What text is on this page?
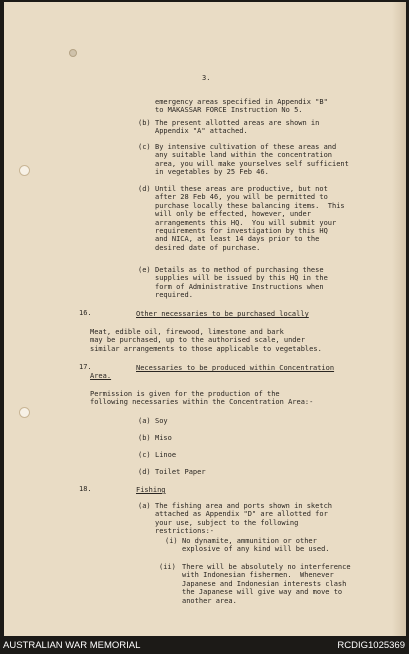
3.

emergency areas specified in Appendix "B"
to MAKASSAR FORCE Instruction No 5.

(b) The present allotted areas are shown in
Appendix "A" attached.

(c) By intensive cultivation of these areas and
any suitable land within the concentration
area, you will make yourselves self sufficient
in vegetables by 25 Feb 46.

(d) Until these areas are productive, but not
after 28 Feb 46, you will be permitted to
purchase locally these balancing items.  This
will only be effected, however, under
arrangements this HQ.  You will submit your
requirements for investigation by this HQ
and NICA, at least 14 days prior to the
desired date of purchase.

(e) Details as to method of purchasing these
supplies will be issued by this HQ in the
form of Administrative Instructions when
required.

16.	Other necessaries to be purchased locally

Meat, edible oil, firewood, limestone and bark
may be purchased, up to the authorised scale, under
similar arrangements to those applicable to vegetables.

17.	Necessaries to be produced within Concentration

Area.

Permission is given for the production of the
following necessaries within the Concentration Area:-

(a) Soy

(b) Miso

(c) Linoe

(d) Toilet Paper

18.	Fishing

(a) The fishing area and ports shown in sketch
attached as Appendix "D" are allotted for
your use, subject to the following
restrictions:-

(i) No dynamite, ammunition or other
explosive of any kind will be used.

(ii) There will be absolutely no interference
with Indonesian fishermen.  Whenever
Japanese and Indonesian interests clash
the Japanese will give way and move to
another area.

AUSTRALIAN WAR MEMORIAL	RCDIG1025369
